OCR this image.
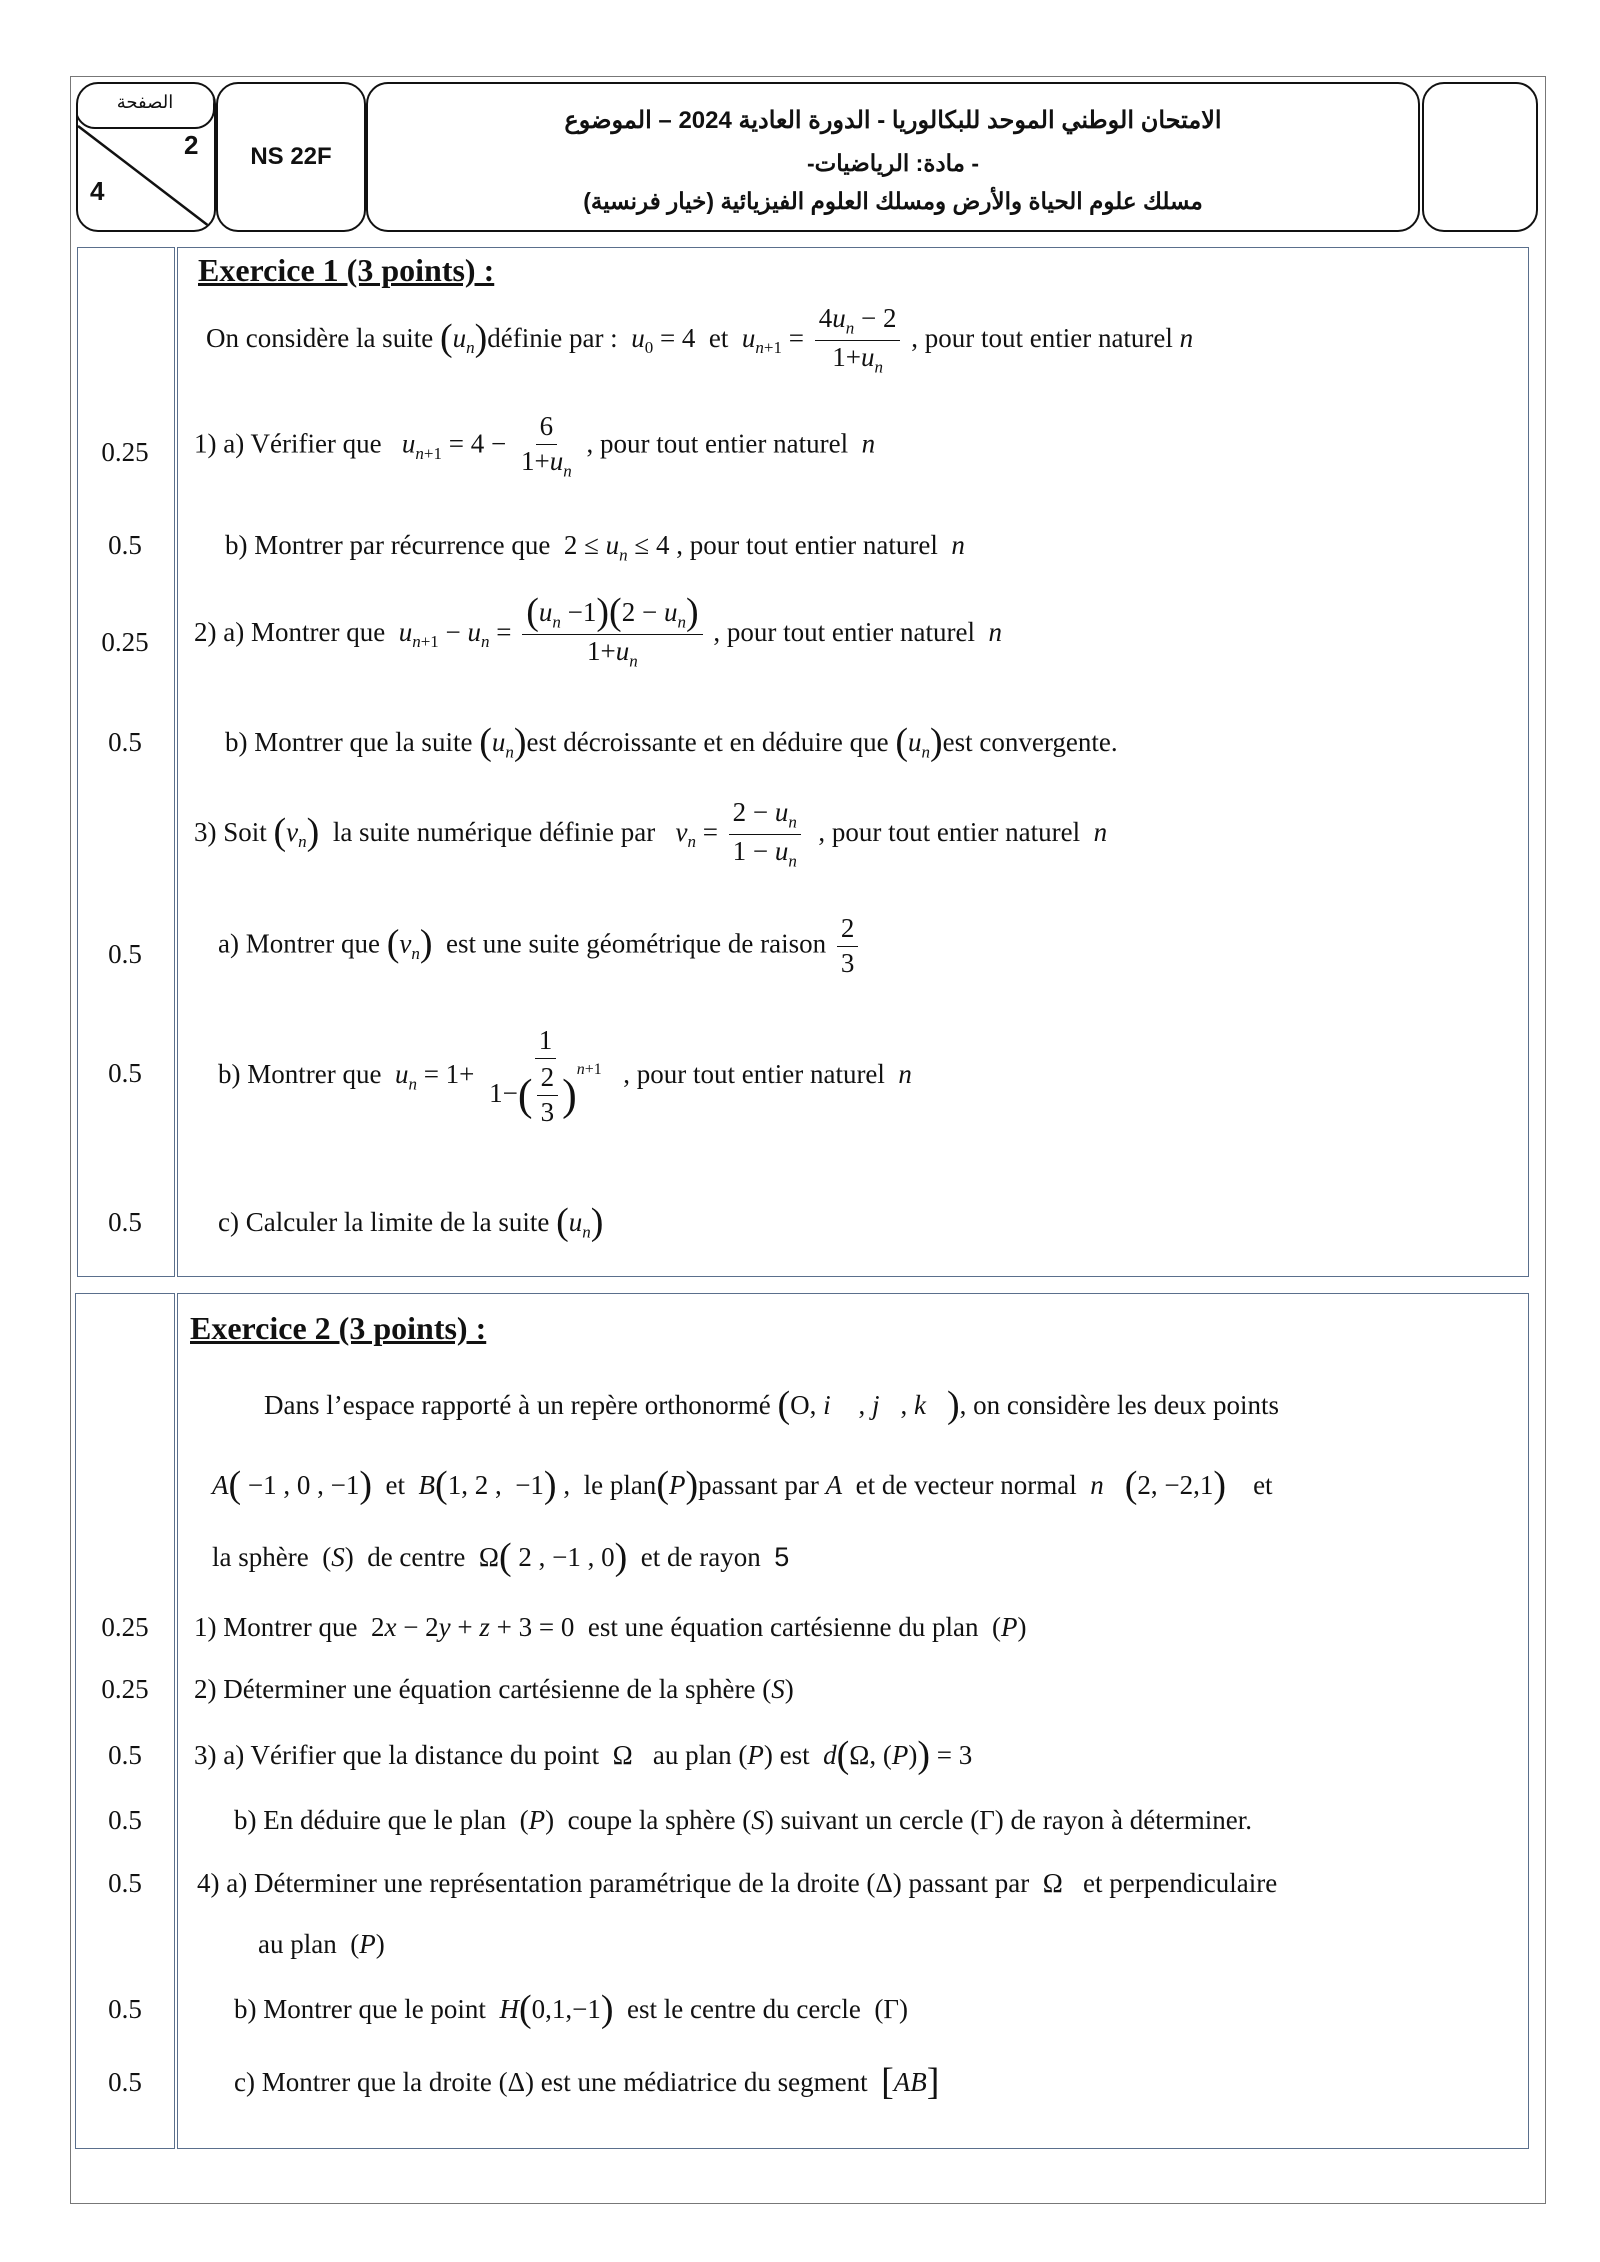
الصفحة
2
4
NS 22F
الامتحان الوطني الموحد للبكالوريا - الدورة العادية 2024 – الموضوع
- مادة: الرياضيات-
مسلك علوم الحياة والأرض ومسلك العلوم الفيزيائية (خيار فرنسية)
Exercice 1 (3 points) :
On considère la suite $(u_n)définie$ par :  $u_0 = 4$  et  $u_{n+1} = \frac{4u_n - 2}{1+u_n}$ , pour tout entier naturel n
0.25
0.5
0.25
0.5
0.5
0.5
0.5
1) a) Vérifier que   $u_{n+1} = 4 - \frac{6}{1+u_n}$ , pour tout entier naturel  n
b) Montrer par récurrence que  $2 \le u_n \le 4$ , pour tout entier naturel  n
2) a) Montrer que  $u_{n+1} - u_n = \frac{(u_n -1)(2 - u_n)}{1+u_n}$ , pour tout entier naturel  n
b) Montrer que la suite $(u_n)est$ décroissante et en déduire que $(u_n)est$ convergente.
3) Soit $(v_n)$  la suite numérique définie par   $v_n = \frac{2 - u_n}{1 - u_n}$ , pour tout entier naturel  n
a) Montrer que $(v_n)$  est une suite géométrique de raison $\frac{2}{3}$
b) Montrer que  $u_n = 1+ \frac{1}{1-( \frac{2}{3} )^{n+1}}$ , pour tout entier naturel  n
c) Calculer la limite de la suite $(u_n)$
Exercice 2 (3 points) :
Dans l’espace rapporté à un repère orthonormé (O, i⃗ , j⃗, k⃗), on considère les deux points
A( −1 , 0 , −1)  et  B(1, 2 ,  −1) ,  le plan(P)passant par A  et de vecteur normal  n⃗(2, −2,1)    et
la sphère  (S)  de centre  Ω( 2 , −1 , 0)  et de rayon  5
0.25
0.25
0.5
0.5
0.5
0.5
0.5
1) Montrer que  2x − 2y + z + 3 = 0  est une équation cartésienne du plan  (P)
2) Déterminer une équation cartésienne de la sphère (S)
3) a) Vérifier que la distance du point  Ω   au plan (P) est  d(Ω, (P)) = 3
b) En déduire que le plan  (P)  coupe la sphère (S) suivant un cercle (Γ) de rayon à déterminer.
4) a) Déterminer une représentation paramétrique de la droite (Δ) passant par  Ω   et perpendiculaire
au plan  (P)
b) Montrer que le point  H(0,1,−1)  est le centre du cercle  (Γ)
c) Montrer que la droite (Δ) est une médiatrice du segment  [AB]
